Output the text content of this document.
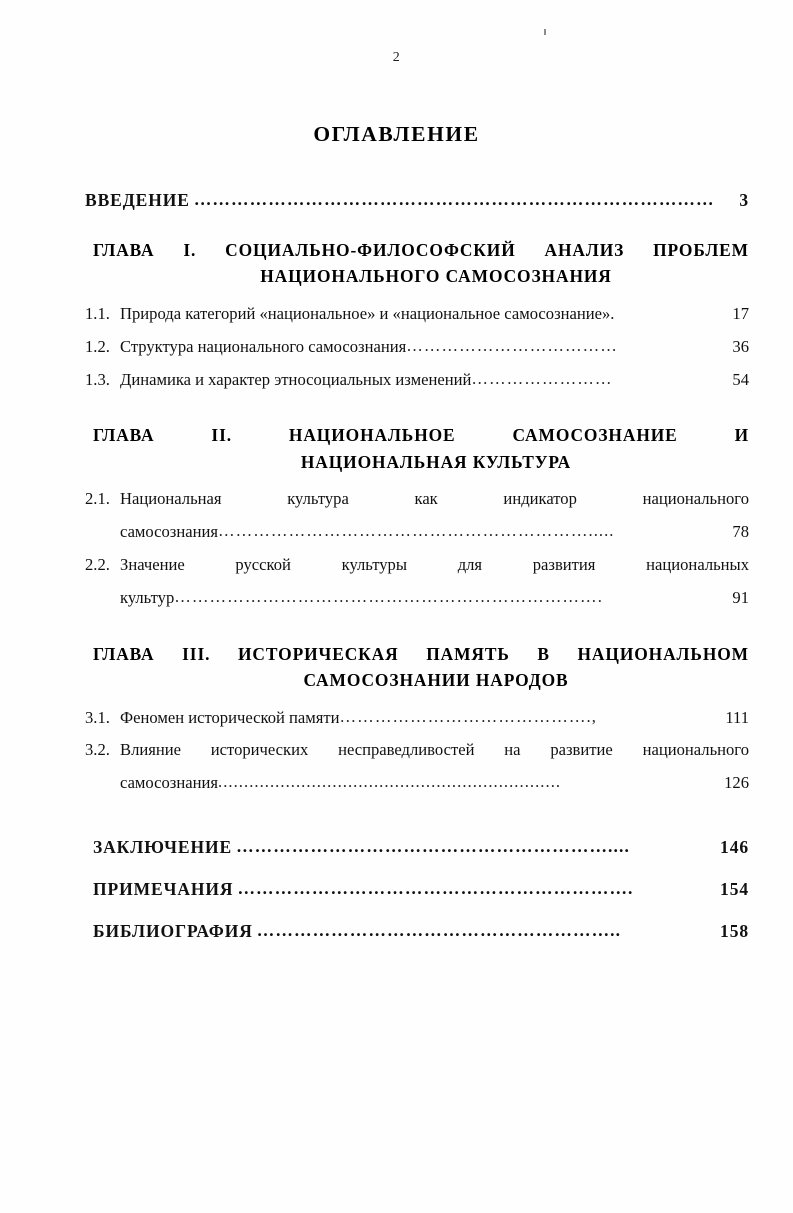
2
ОГЛАВЛЕНИЕ
ВВЕДЕНИЕ …………………………………………………………………………	3
ГЛАВА  I.  СОЦИАЛЬНО-ФИЛОСОФСКИЙ  АНАЛИЗ  ПРОБЛЕМ
НАЦИОНАЛЬНОГО САМОСОЗНАНИЯ
1.1. Природа категорий «национальное» и «национальное самосознание».	17
1.2. Структура национального самосознания ………………………………	36
1.3. Динамика и характер этносоциальных изменений ……………………	54
ГЛАВА     II.     НАЦИОНАЛЬНОЕ     САМОСОЗНАНИЕ     И
НАЦИОНАЛЬНАЯ КУЛЬТУРА
2.1. Национальная культура как индикатор национального
самосознания ……………………………………………………….....	78
2.2. Значение русской культуры для развития национальных
культур ……………………………………………………………….	91
ГЛАВА  III.  ИСТОРИЧЕСКАЯ  ПАМЯТЬ  В  НАЦИОНАЛЬНОМ
САМОСОЗНАНИИ НАРОДОВ
3.1. Феномен исторической памяти …………………………………….,	111
3.2. Влияние исторических несправедливостей на развитие национального
самосознания ..................................................................	126
ЗАКЛЮЧЕНИЕ ……………………………………………………....	146
ПРИМЕЧАНИЯ ……………………………………………………….	154
БИБЛИОГРАФИЯ …………………………………………………..	158
